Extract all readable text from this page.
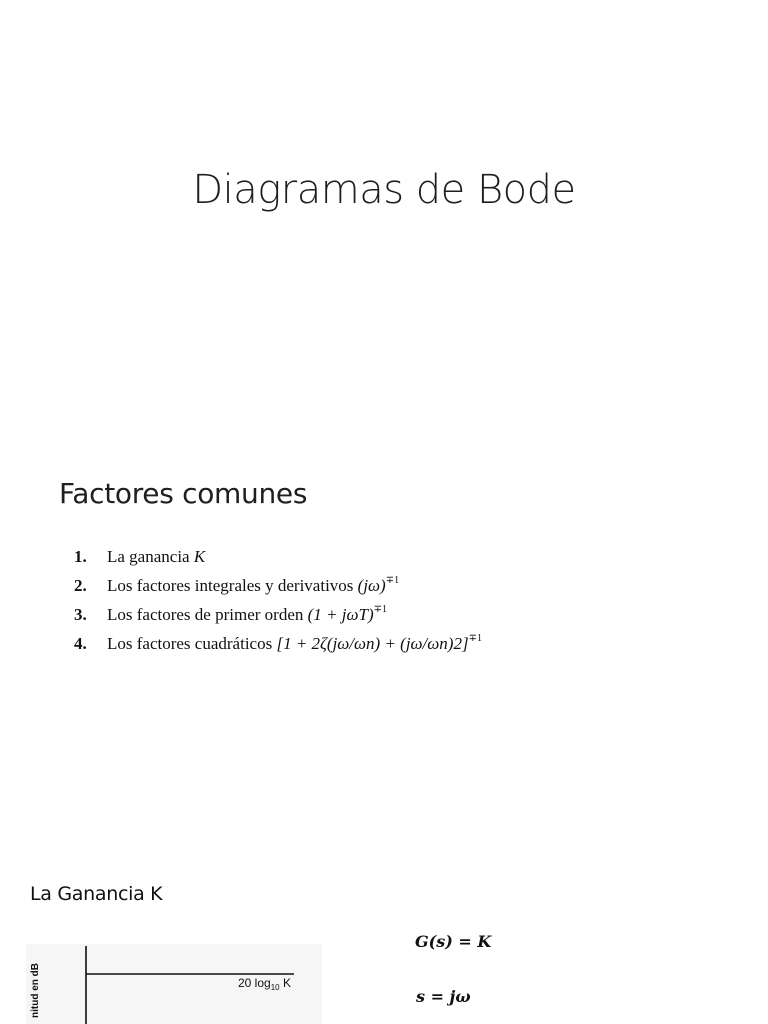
Diagramas de Bode
Factores comunes
1. La ganancia K
2. Los factores integrales y derivativos $(j\omega)^{\mp 1}$
3. Los factores de primer orden $(1 + j\omega T)^{\mp 1}$
4. Los factores cuadráticos $[1 + 2\zeta(j\omega/\omega n) + (j\omega/\omega n)2]^{\mp 1}$
La Ganancia K
nitud en dB	20 $\log_{10} K$
G(s) = K
s = jω
